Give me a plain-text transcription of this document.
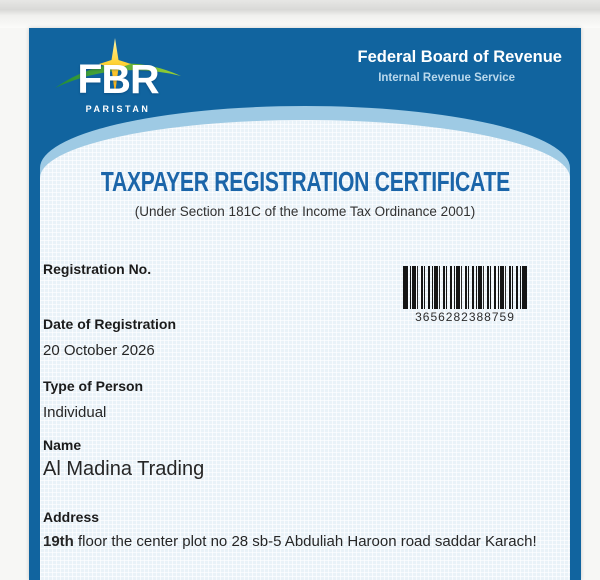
FBR
PARISTAN
Federal Board of Revenue
Internal Revenue Service
TAXPAYER REGISTRATION CERTIFICATE
(Under Section 181C of the Income Tax Ordinance 2001)
Registration No.
3656282388759
Date of Registration
20 October 2026
Type of Person
Individual
Name
Al Madina Trading
Address
19th floor the center plot no 28 sb-5 Abduliah Haroon road saddar Karach!
